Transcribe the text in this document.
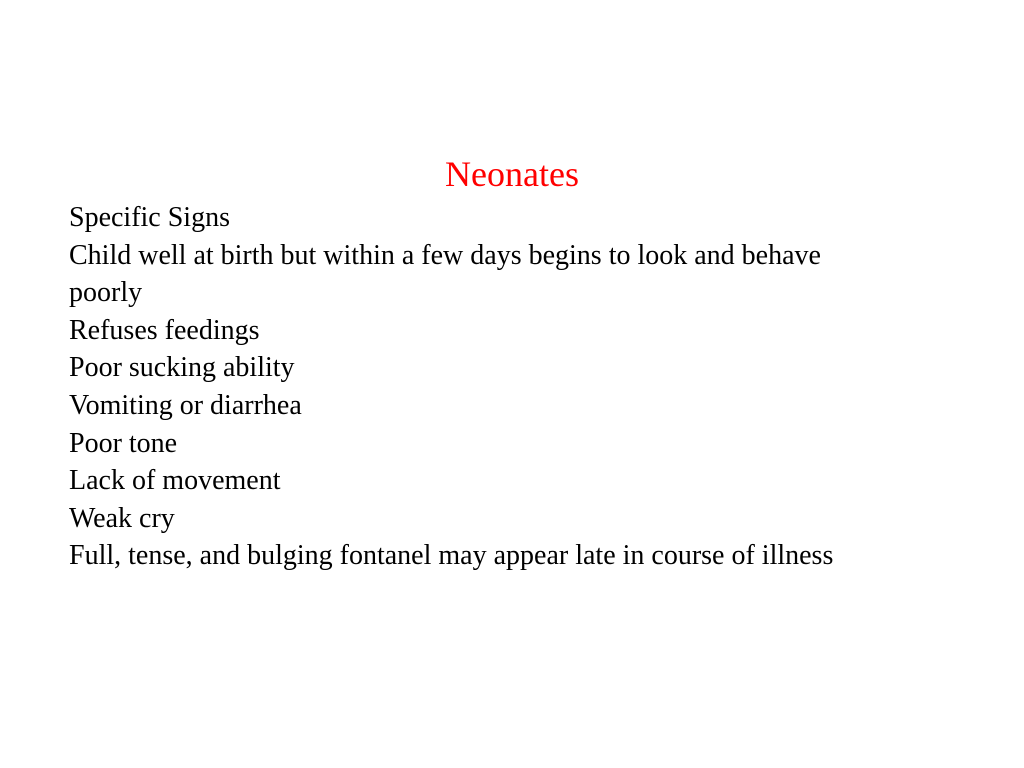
Neonates
Specific Signs
Child well at birth but within a few days begins to look and behave
poorly
Refuses feedings
Poor sucking ability
Vomiting or diarrhea
Poor tone
Lack of movement
Weak cry
Full, tense, and bulging fontanel may appear late in course of illness
